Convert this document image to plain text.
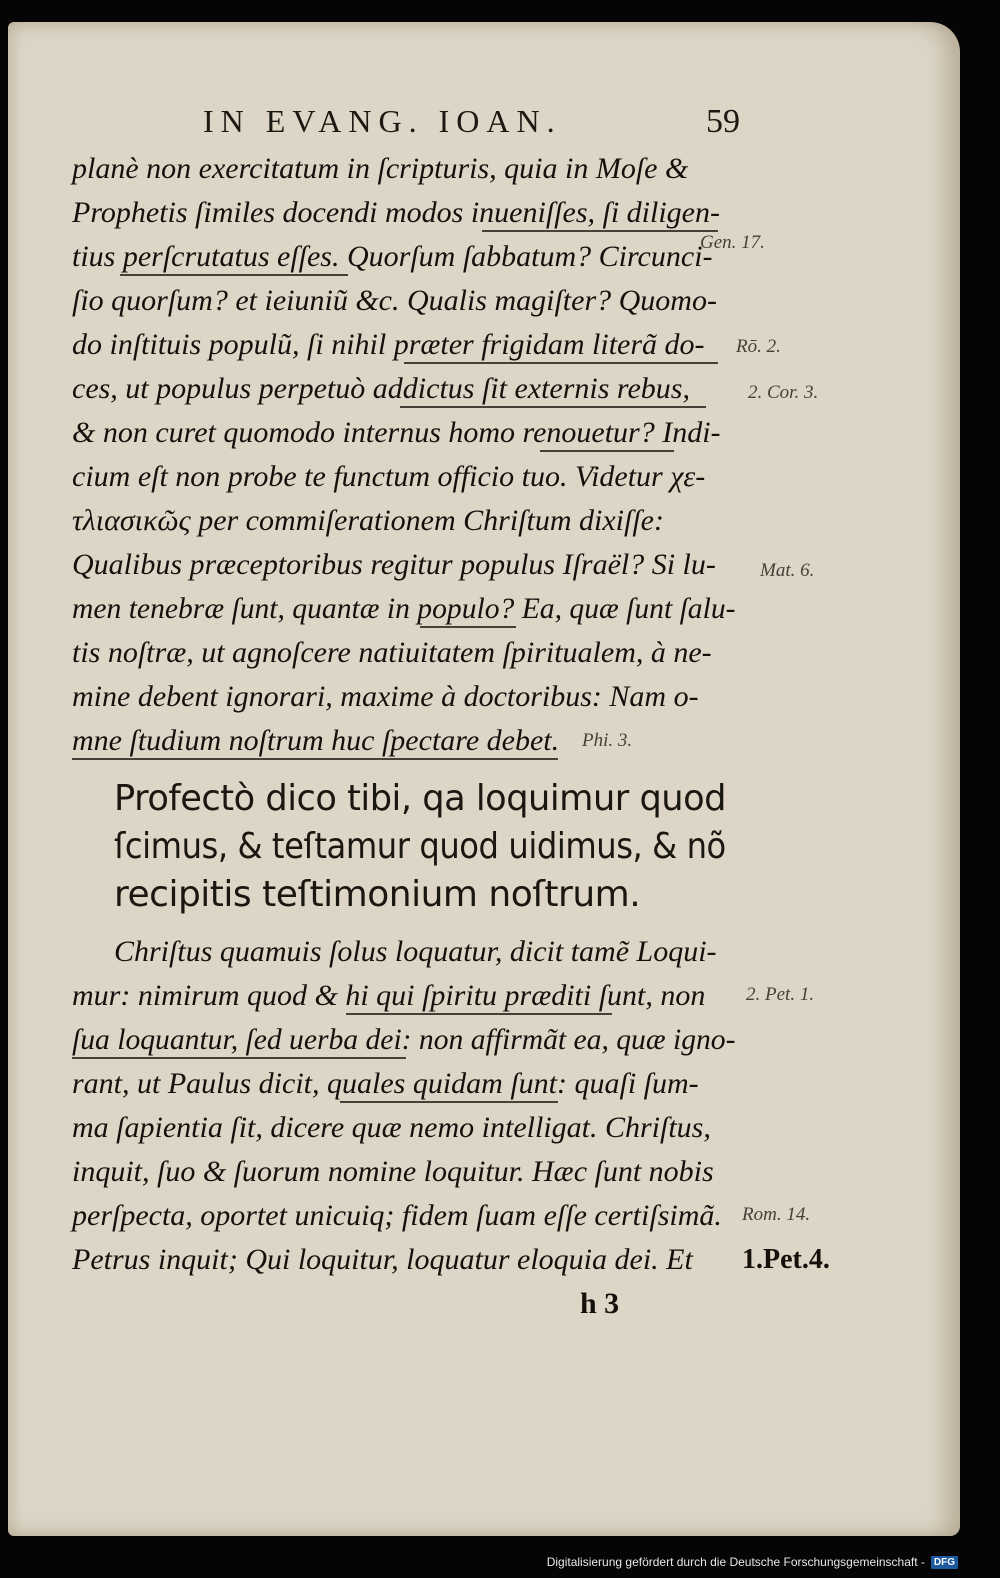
IN EVANG. IOAN.	59

planè non exercitatum in ſcripturis, quia in Moſe &

Prophetis ſimiles docendi modos inueniſſes, ſi diligen-

tius perſcrutatus eſſes. Quorſum ſabbatum? Circunci-

ſio quorſum? et ieiuniũ &c. Qualis magiſter? Quomo-

do inſtituis populũ, ſi nihil præter frigidam literã do-

ces, ut populus perpetuò addictus ſit externis rebus,

& non curet quomodo internus homo renouetur? Indi-

cium eſt non probe te functum officio tuo. Videtur χε-

τλιασικῶς per commiſerationem Chriſtum dixiſſe:

Qualibus præceptoribus regitur populus Iſraël? Si lu-

men tenebræ ſunt, quantæ in populo? Ea, quæ ſunt ſalu-

tis noſtræ, ut agnoſcere natiuitatem ſpiritualem, à ne-

mine debent ignorari, maxime à doctoribus: Nam o-

mne ſtudium noſtrum huc ſpectare debet.

Profectò dico tibi, qa loquimur quod

ſcimus, & teſtamur quod uidimus, & nõ

recipitis teſtimonium noſtrum.

Chriſtus quamuis ſolus loquatur, dicit tamẽ Loqui-

mur: nimirum quod & hi qui ſpiritu præditi ſunt, non

ſua loquantur, ſed uerba dei: non affirmãt ea, quæ igno-

rant, ut Paulus dicit, quales quidam ſunt: quaſi ſum-

ma ſapientia ſit, dicere quæ nemo intelligat. Chriſtus,

inquit, ſuo & ſuorum nomine loquitur. Hæc ſunt nobis

perſpecta, oportet unicuiq; fidem ſuam eſſe certiſsimã.

Petrus inquit; Qui loquitur, loquatur eloquia dei. Et

Gen. 17.
Rō. 2.
2. Cor. 3.
Mat. 6.
Phi. 3.
2. Pet. 1.
Rom. 14.
1.Pet.4.
h 3
Digitalisierung gefördert durch die Deutsche Forschungsgemeinschaft - DFG
